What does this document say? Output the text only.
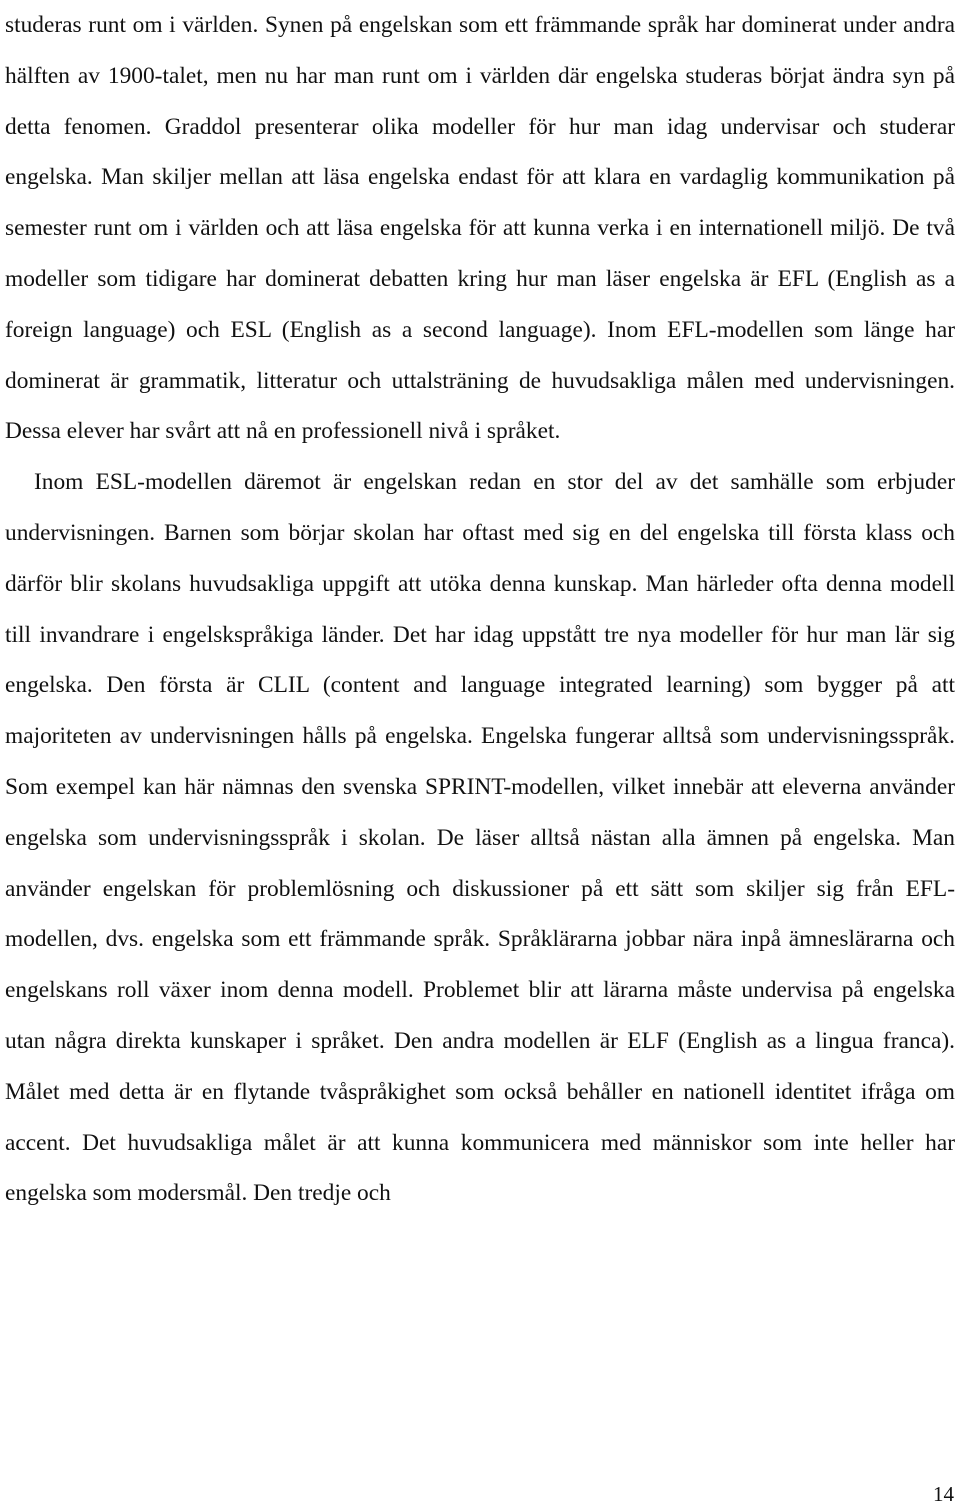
studeras runt om i världen. Synen på engelskan som ett främmande språk har dominerat under andra hälften av 1900-talet, men nu har man runt om i världen där engelska studeras börjat ändra syn på detta fenomen. Graddol presenterar olika modeller för hur man idag undervisar och studerar engelska. Man skiljer mellan att läsa engelska endast för att klara en vardaglig kommunikation på semester runt om i världen och att läsa engelska för att kunna verka i en internationell miljö. De två modeller som tidigare har dominerat debatten kring hur man läser engelska är EFL (English as a foreign language) och ESL (English as a second language). Inom EFL-modellen som länge har dominerat är grammatik, litteratur och uttalsträning de huvudsakliga målen med undervisningen. Dessa elever har svårt att nå en professionell nivå i språket.

Inom ESL-modellen däremot är engelskan redan en stor del av det samhälle som erbjuder undervisningen. Barnen som börjar skolan har oftast med sig en del engelska till första klass och därför blir skolans huvudsakliga uppgift att utöka denna kunskap. Man härleder ofta denna modell till invandrare i engelskspråkiga länder. Det har idag uppstått tre nya modeller för hur man lär sig engelska. Den första är CLIL (content and language integrated learning) som bygger på att majoriteten av undervisningen hålls på engelska. Engelska fungerar alltså som undervisningsspråk. Som exempel kan här nämnas den svenska SPRINT-modellen, vilket innebär att eleverna använder engelska som undervisningsspråk i skolan. De läser alltså nästan alla ämnen på engelska. Man använder engelskan för problemlösning och diskussioner på ett sätt som skiljer sig från EFL- modellen, dvs. engelska som ett främmande språk. Språklärarna jobbar nära inpå ämneslärarna och engelskans roll växer inom denna modell. Problemet blir att lärarna måste undervisa på engelska utan några direkta kunskaper i språket. Den andra modellen är ELF (English as a lingua franca). Målet med detta är en flytande tvåspråkighet som också behåller en nationell identitet ifråga om accent. Det huvudsakliga målet är att kunna kommunicera med människor som inte heller har engelska som modersmål. Den tredje och

14
